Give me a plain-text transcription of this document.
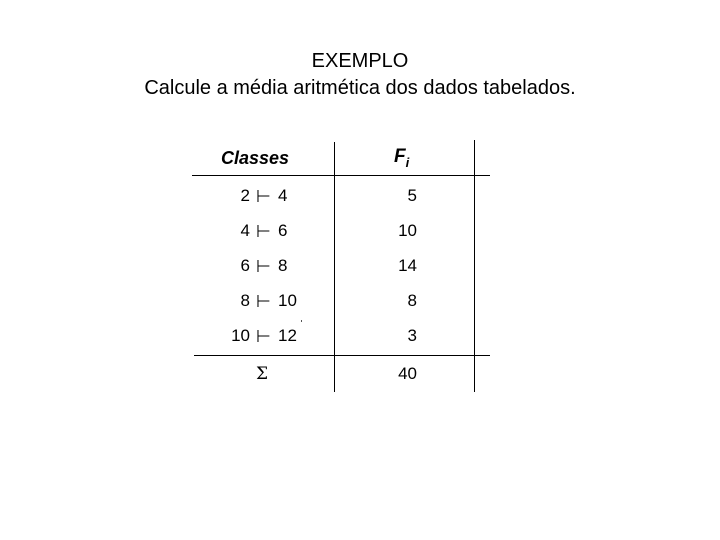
EXEMPLO
Calcule a média aritmética dos dados tabelados.
Classes	$F_i$
2 ⊢ 4	5
4 ⊢ 6	10
6 ⊢ 8	14
8 ⊢ 10	8
10 ⊢ 12	3
Σ	40
